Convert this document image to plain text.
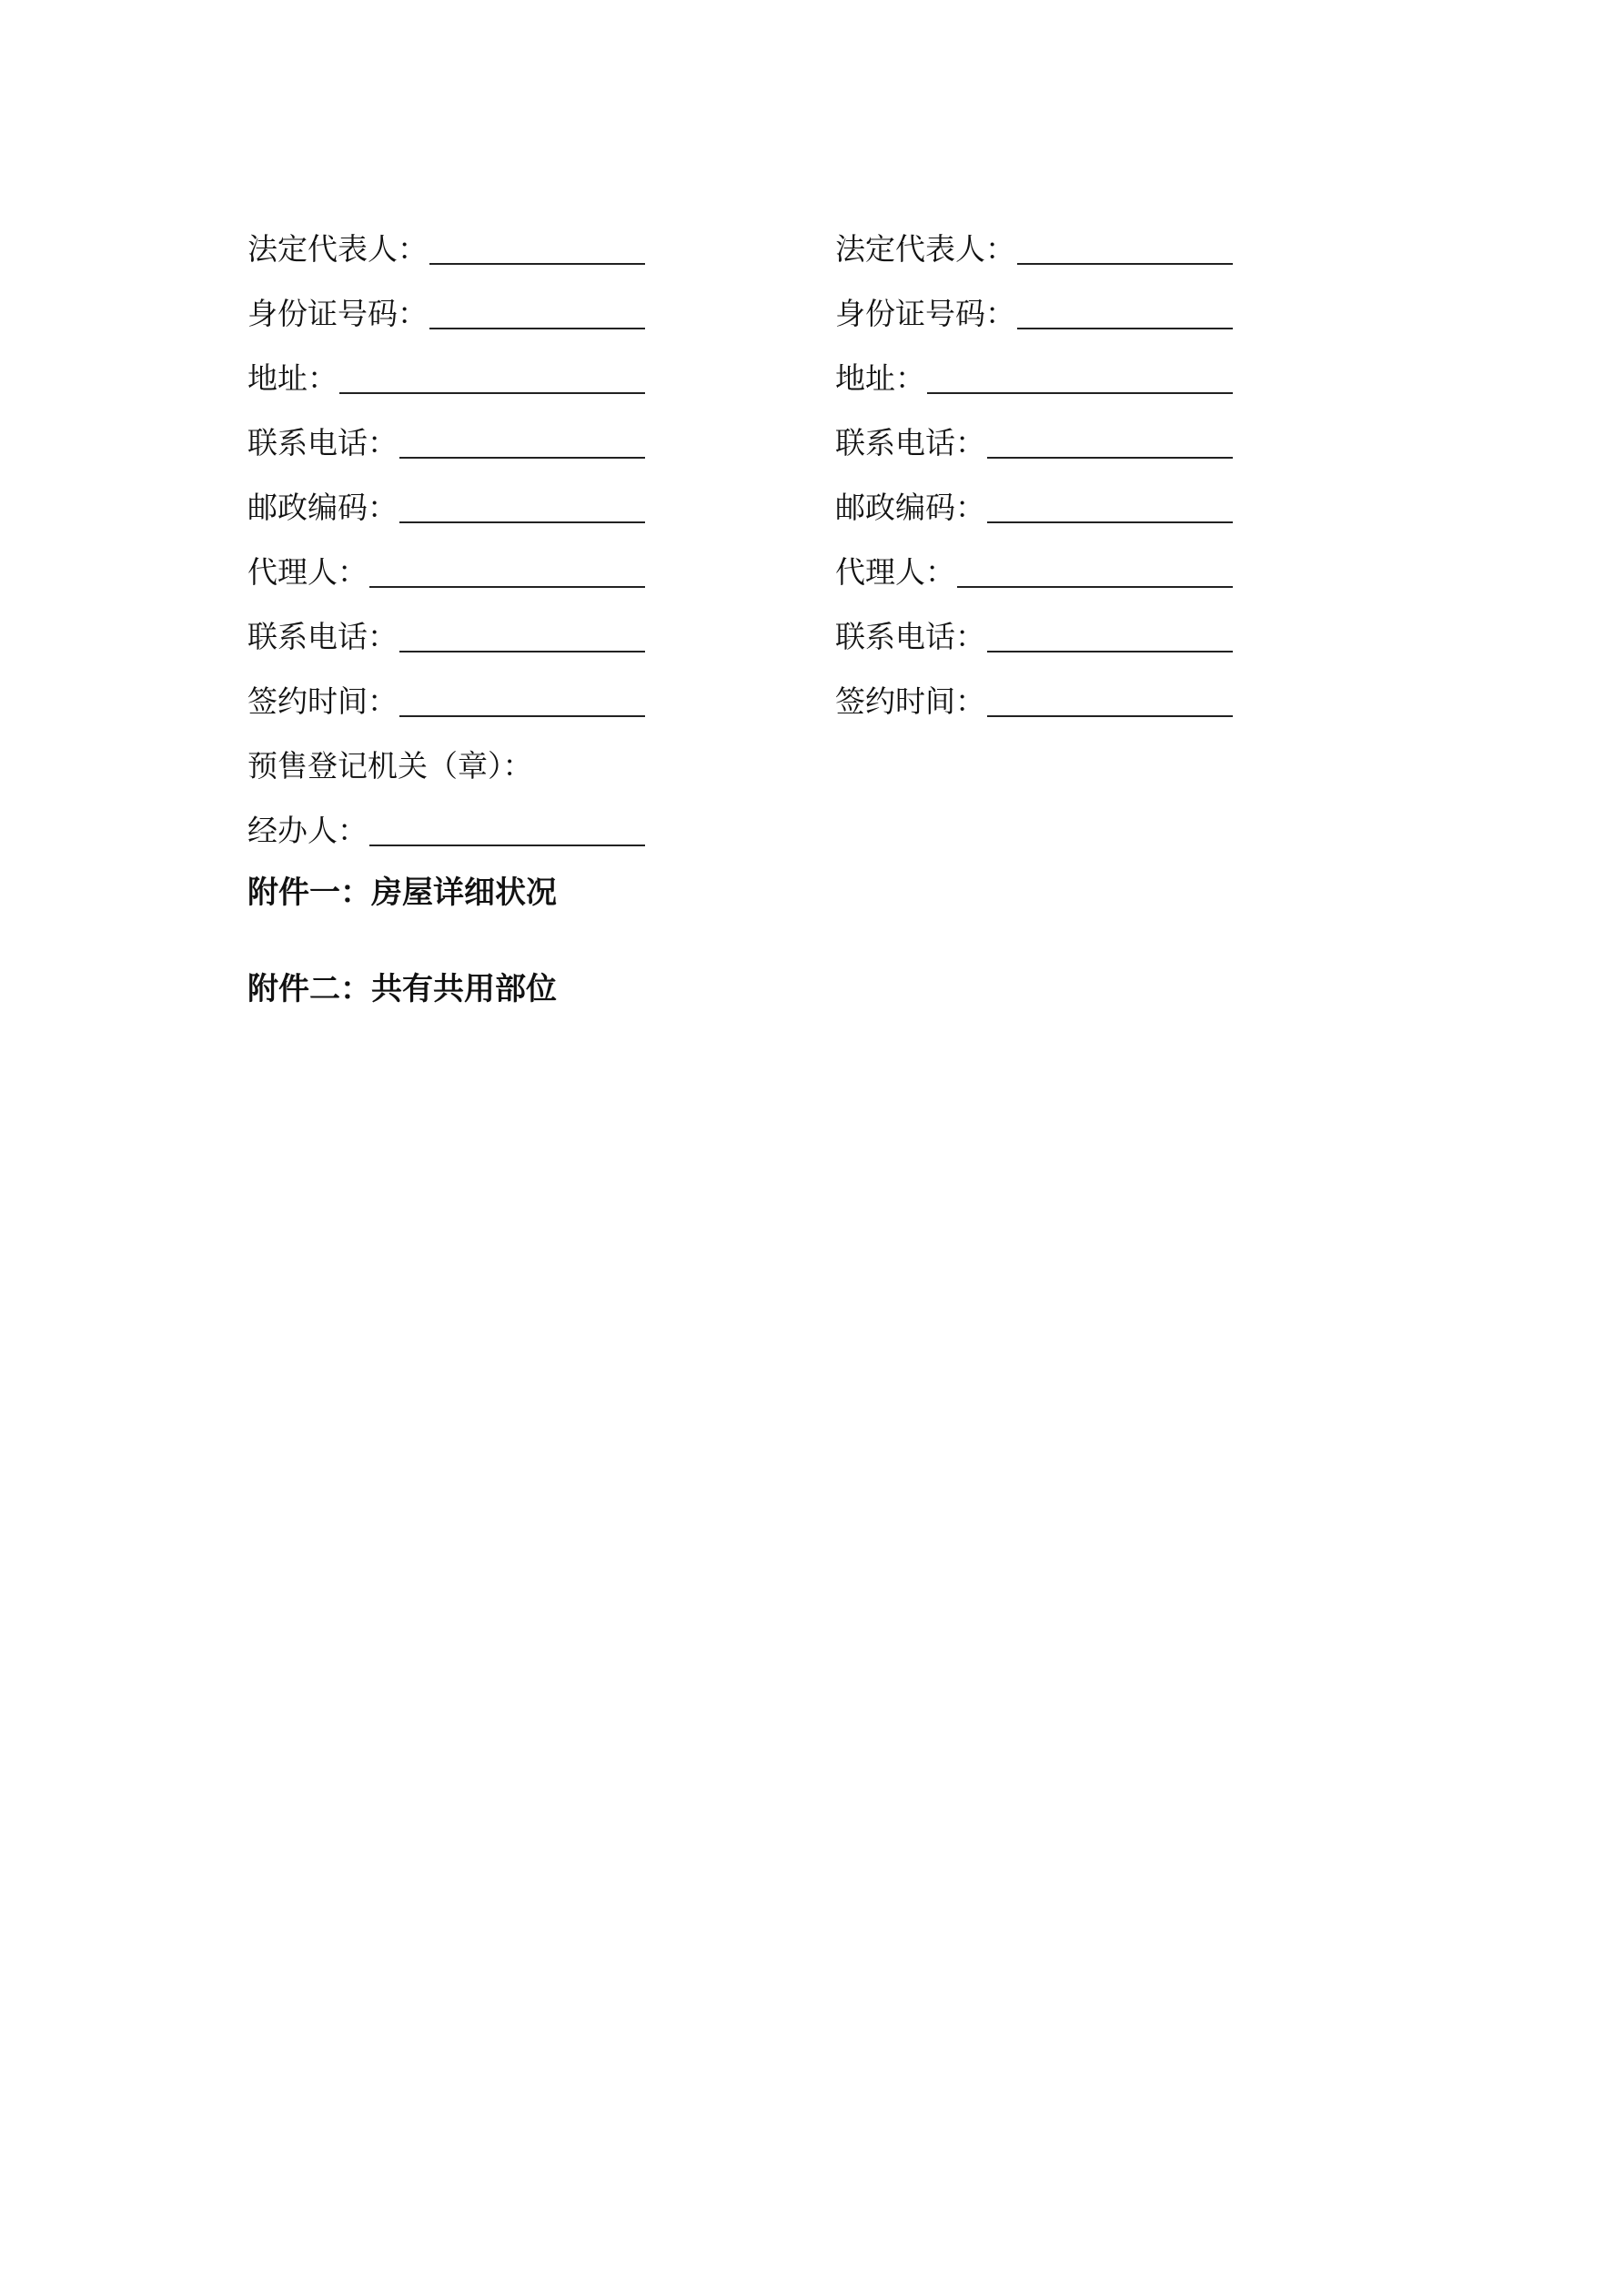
法定代表人：
身份证号码：
地址：
联系电话：
邮政编码：
代理人：
联系电话：
签约时间：
预售登记机关（章）：
经办人：
法定代表人：
身份证号码：
地址：
联系电话：
邮政编码：
代理人：
联系电话：
签约时间：

附件一：房屋详细状况

附件二：共有共用部位
